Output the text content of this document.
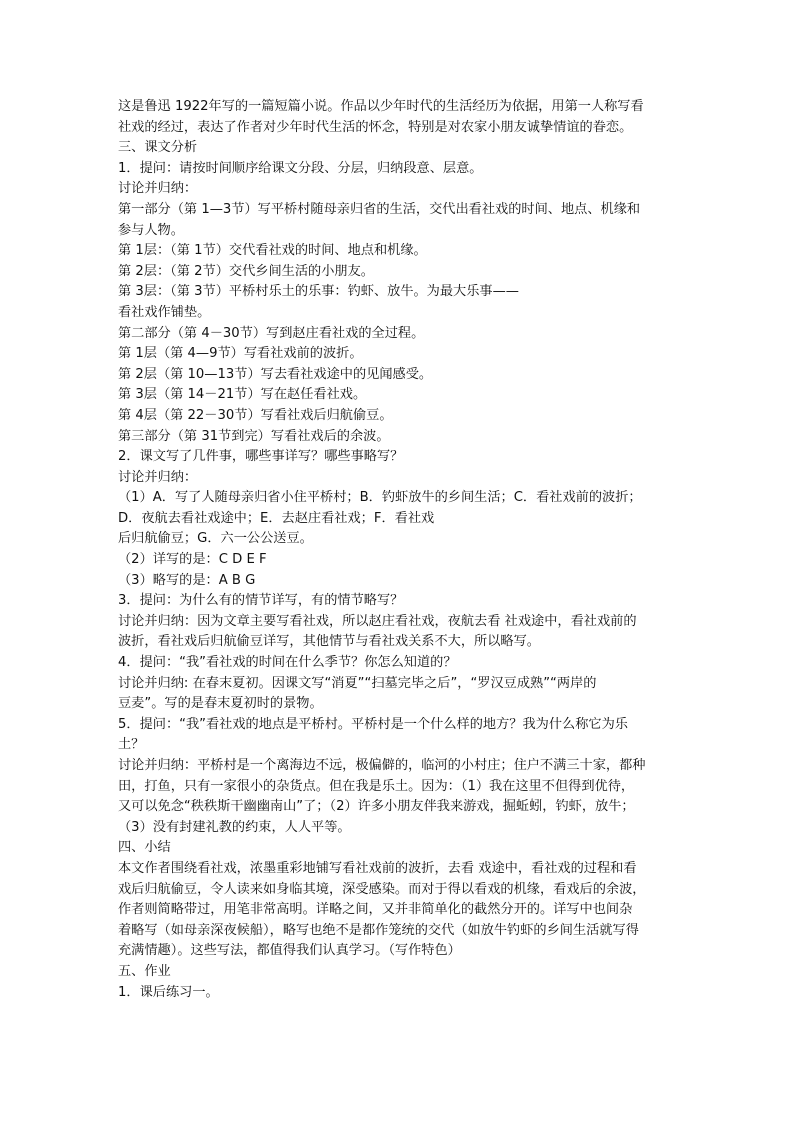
这是鲁迅 1922年写的一篇短篇小说。作品以少年时代的生活经历为依据，用第一人称写看
社戏的经过，表达了作者对少年时代生活的怀念，特别是对农家小朋友诚挚情谊的眷恋。
三、课文分析
1．提问：请按时间顺序给课文分段、分层，归纳段意、层意。
讨论并归纳：
第一部分（第 1—3节）写平桥村随母亲归省的生活，交代出看社戏的时间、地点、机缘和
参与人物。
第 1层：（第 1节）交代看社戏的时间、地点和机缘。
第 2层：（第 2节）交代乡间生活的小朋友。
第 3层：（第 3节）平桥村乐土的乐事：钓虾、放牛。为最大乐事——
看社戏作铺垫。
第二部分（第 4－30节）写到赵庄看社戏的全过程。
第 1层（第 4—9节）写看社戏前的波折。
第 2层（第 10—13节）写去看社戏途中的见闻感受。
第 3层（第 14－21节）写在赵任看社戏。
第 4层（第 22－30节）写看社戏后归航偷豆。
第三部分（第 31节到完）写看社戏后的余波。
2．课文写了几件事，哪些事详写？哪些事略写？
讨论并归纳：
（1）A．写了人随母亲归省小住平桥村；B．钓虾放牛的乡间生活；C．看社戏前的波折；
D．夜航去看社戏途中；E．去赵庄看社戏；F．看社戏
后归航偷豆；G．六一公公送豆。
（2）详写的是：C D E F
（3）略写的是：A B G
3．提问：为什么有的情节详写，有的情节略写？
讨论并归纳：因为文章主要写看社戏，所以赵庄看社戏，夜航去看 社戏途中，看社戏前的
波折，看社戏后归航偷豆详写，其他情节与看社戏关系不大，所以略写。
4．提问：“我”看社戏的时间在什么季节？你怎么知道的？
讨论并归纳: 在春末夏初。因课文写“消夏”“扫墓完毕之后”，“罗汉豆成熟”“两岸的
豆麦”。写的是春末夏初时的景物。
5．提问：“我”看社戏的地点是平桥村。平桥村是一个什么样的地方？我为什么称它为乐
土？
讨论并归纳：平桥村是一个离海边不远，极偏僻的，临河的小村庄；住户不满三十家，都种
田，打鱼，只有一家很小的杂货点。但在我是乐土。因为：（1）我在这里不但得到优待，
又可以免念“秩秩斯干幽幽南山”了；（2）许多小朋友伴我来游戏，掘蚯蚓，钓虾，放牛；
（3）没有封建礼教的约束，人人平等。
四、小结
本文作者围绕看社戏，浓墨重彩地铺写看社戏前的波折，去看 戏途中，看社戏的过程和看
戏后归航偷豆，令人读来如身临其境，深受感染。而对于得以看戏的机缘，看戏后的余波，
作者则简略带过，用笔非常高明。详略之间，又并非简单化的截然分开的。详写中也间杂
着略写（如母亲深夜候船），略写也绝不是都作笼统的交代（如放牛钓虾的乡间生活就写得
充满情趣）。这些写法，都值得我们认真学习。（写作特色）
五、作业
1．课后练习一。
